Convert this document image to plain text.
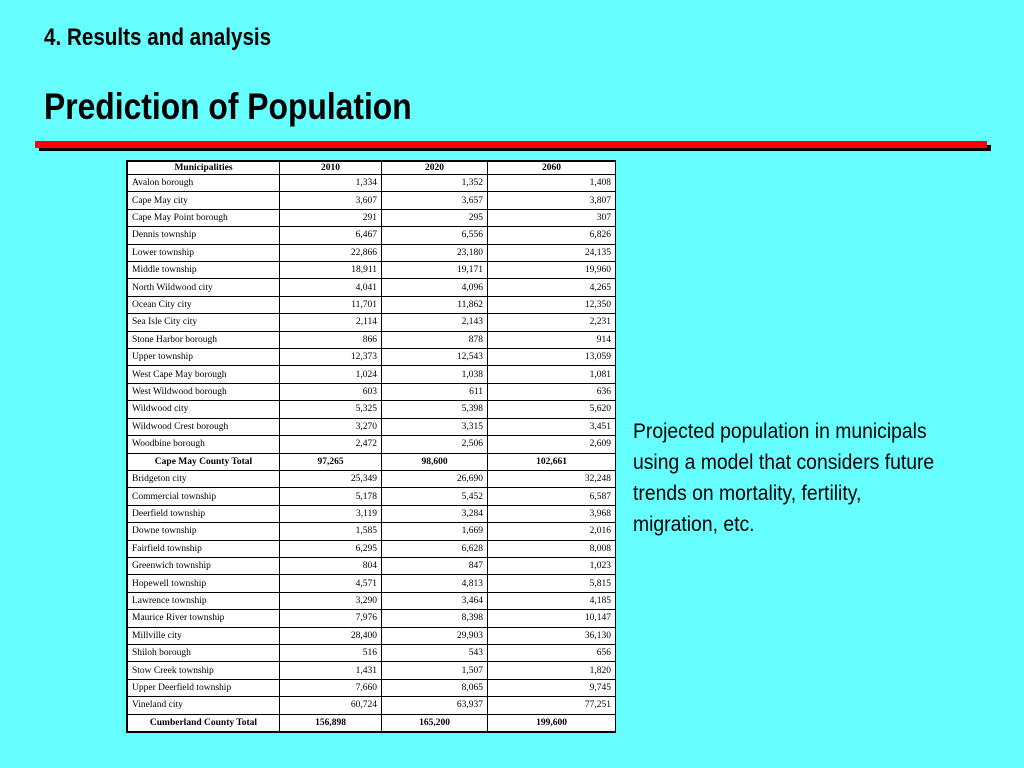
4. Results and analysis
Prediction of Population
Municipalities	2010	2020	2060
Avalon borough	1,334	1,352	1,408
Cape May city	3,607	3,657	3,807
Cape May Point borough	291	295	307
Dennis township	6,467	6,556	6,826
Lower township	22,866	23,180	24,135
Middle township	18,911	19,171	19,960
North Wildwood city	4,041	4,096	4,265
Ocean City city	11,701	11,862	12,350
Sea Isle City city	2,114	2,143	2,231
Stone Harbor borough	866	878	914
Upper township	12,373	12,543	13,059
West Cape May borough	1,024	1,038	1,081
West Wildwood borough	603	611	636
Wildwood city	5,325	5,398	5,620
Wildwood Crest borough	3,270	3,315	3,451
Woodbine borough	2,472	2,506	2,609
Cape May County Total	97,265	98,600	102,661
Bridgeton city	25,349	26,690	32,248
Commercial township	5,178	5,452	6,587
Deerfield township	3,119	3,284	3,968
Downe township	1,585	1,669	2,016
Fairfield township	6,295	6,628	8,008
Greenwich township	804	847	1,023
Hopewell township	4,571	4,813	5,815
Lawrence township	3,290	3,464	4,185
Maurice River township	7,976	8,398	10,147
Millville city	28,400	29,903	36,130
Shiloh borough	516	543	656
Stow Creek township	1,431	1,507	1,820
Upper Deerfield township	7,660	8,065	9,745
Vineland city	60,724	63,937	77,251
Cumberland County Total	156,898	165,200	199,600
Projected population in municipals using a model that considers future trends on mortality, fertility, migration, etc.
